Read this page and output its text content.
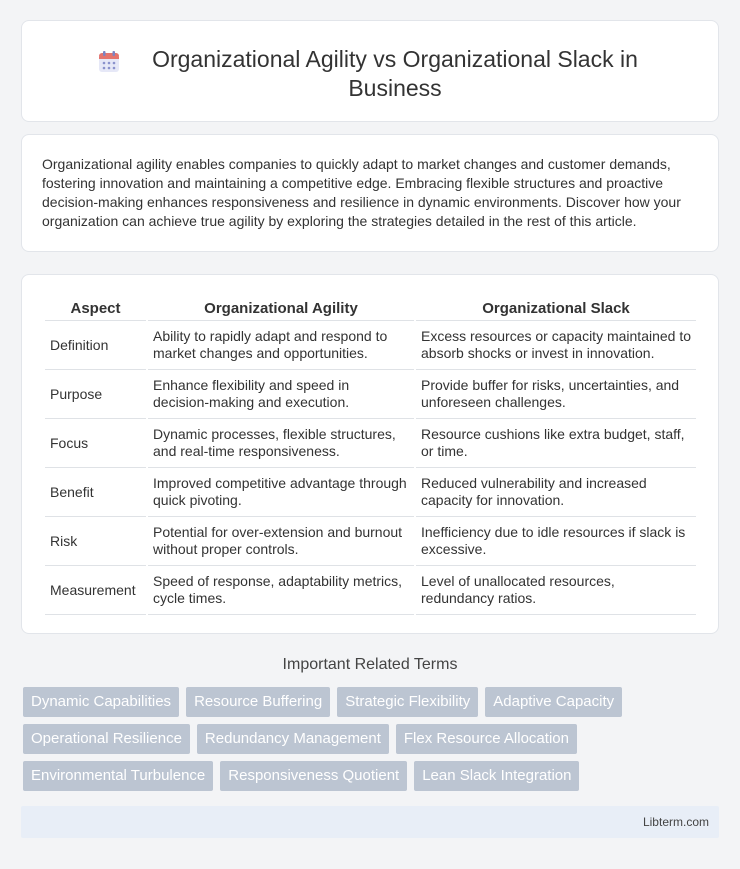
Organizational Agility vs Organizational Slack in Business

Organizational agility enables companies to quickly adapt to market changes and customer demands, fostering innovation and maintaining a competitive edge. Embracing flexible structures and proactive decision-making enhances responsiveness and resilience in dynamic environments. Discover how your organization can achieve true agility by exploring the strategies detailed in the rest of this article.

Aspect	Organizational Agility	Organizational Slack
Definition	Ability to rapidly adapt and respond to market changes and opportunities.	Excess resources or capacity maintained to absorb shocks or invest in innovation.
Purpose	Enhance flexibility and speed in decision-making and execution.	Provide buffer for risks, uncertainties, and unforeseen challenges.
Focus	Dynamic processes, flexible structures, and real-time responsiveness.	Resource cushions like extra budget, staff, or time.
Benefit	Improved competitive advantage through quick pivoting.	Reduced vulnerability and increased capacity for innovation.
Risk	Potential for over-extension and burnout without proper controls.	Inefficiency due to idle resources if slack is excessive.
Measurement	Speed of response, adaptability metrics, cycle times.	Level of unallocated resources, redundancy ratios.
Important Related Terms
Dynamic Capabilities	Resource Buffering	Strategic Flexibility	Adaptive Capacity
Operational Resilience	Redundancy Management	Flex Resource Allocation
Environmental Turbulence	Responsiveness Quotient	Lean Slack Integration
Libterm.com
